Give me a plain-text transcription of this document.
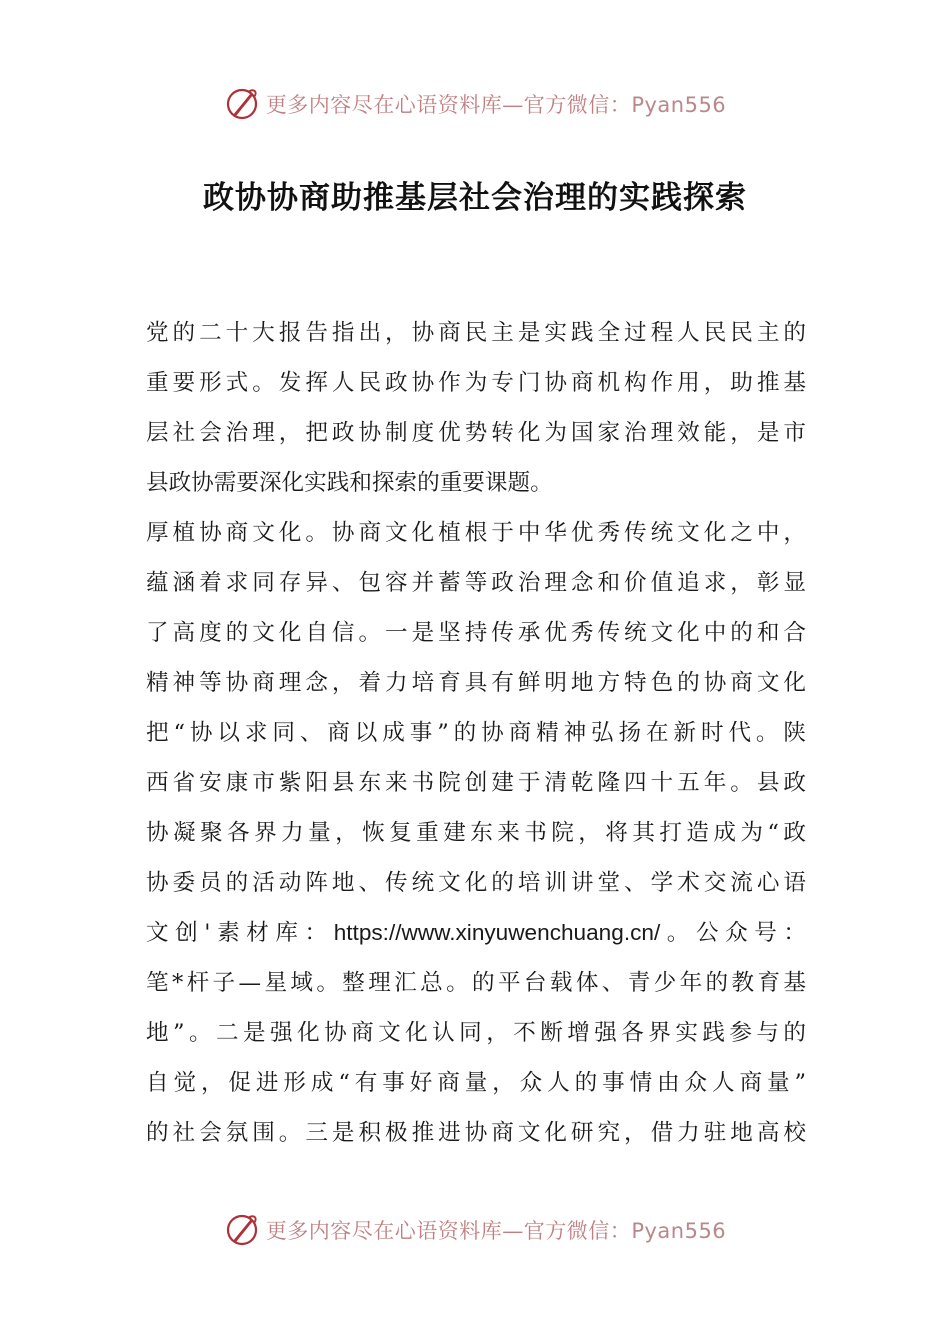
更多内容尽在心语资料库—官方微信：Pyan556
政协协商助推基层社会治理的实践探索
党的二十大报告指出，协商民主是实践全过程人民民主的
重要形式。发挥人民政协作为专门协商机构作用，助推基
层社会治理，把政协制度优势转化为国家治理效能，是市
县政协需要深化实践和探索的重要课题。
厚植协商文化。协商文化植根于中华优秀传统文化之中，
蕴涵着求同存异、包容并蓄等政治理念和价值追求，彰显
了高度的文化自信。一是坚持传承优秀传统文化中的和合
精神等协商理念，着力培育具有鲜明地方特色的协商文化
把“协以求同、商以成事”的协商精神弘扬在新时代。陕
西省安康市紫阳县东来书院创建于清乾隆四十五年。县政
协凝聚各界力量，恢复重建东来书院，将其打造成为“政
协委员的活动阵地、传统文化的培训讲堂、学术交流心语
文创'素材库：https://www.xinyuwenchuang.cn/。公众号：
笔*杆子—星域。整理汇总。的平台载体、青少年的教育基
地”。二是强化协商文化认同，不断增强各界实践参与的
自觉，促进形成“有事好商量，众人的事情由众人商量”
的社会氛围。三是积极推进协商文化研究，借力驻地高校
更多内容尽在心语资料库—官方微信：Pyan556
